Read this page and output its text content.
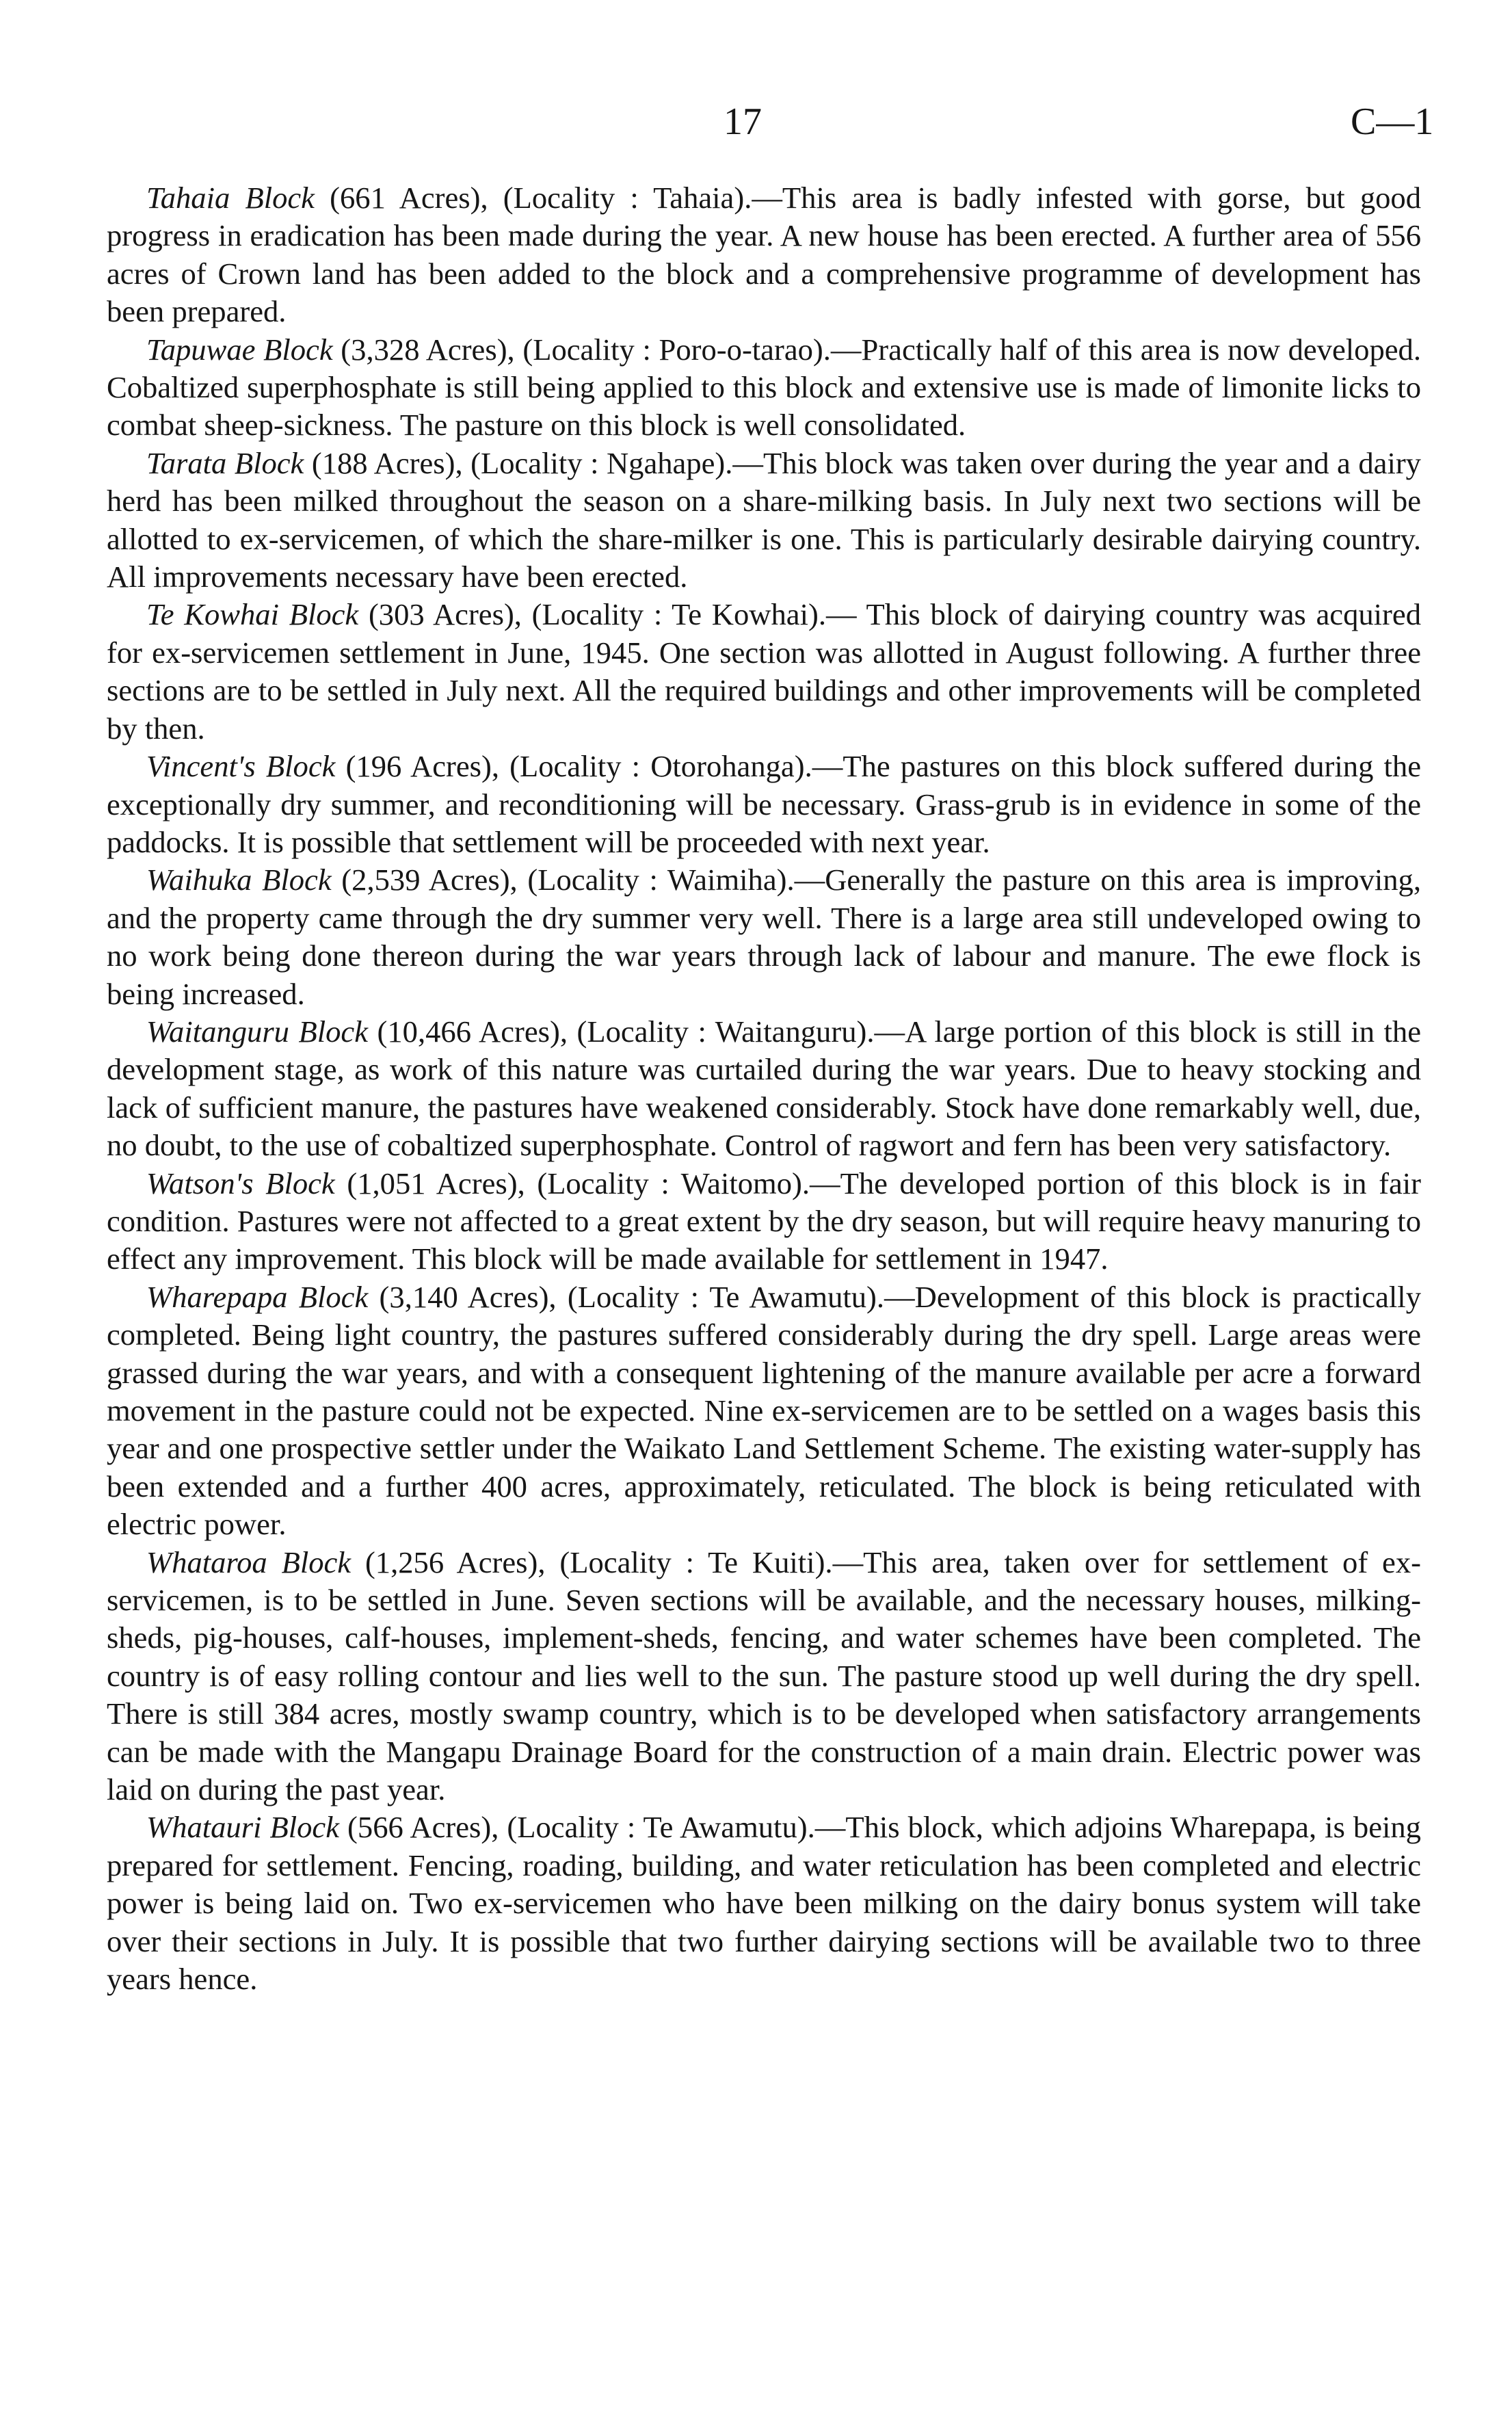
17	C—1

Tahaia Block (661 Acres), (Locality : Tahaia).—This area is badly infested with gorse, but good progress in eradication has been made during the year. A new house has been erected. A further area of 556 acres of Crown land has been added to the block and a comprehensive programme of development has been prepared.

Tapuwae Block (3,328 Acres), (Locality : Poro-o-tarao).—Practically half of this area is now developed. Cobaltized superphosphate is still being applied to this block and extensive use is made of limonite licks to combat sheep-sickness. The pasture on this block is well consolidated.

Tarata Block (188 Acres), (Locality : Ngahape).—This block was taken over during the year and a dairy herd has been milked throughout the season on a share-milking basis. In July next two sections will be allotted to ex-servicemen, of which the share-milker is one. This is particularly desirable dairying country. All improvements necessary have been erected.

Te Kowhai Block (303 Acres), (Locality : Te Kowhai).— This block of dairying country was acquired for ex-servicemen settlement in June, 1945. One section was allotted in August following. A further three sections are to be settled in July next. All the required buildings and other improvements will be completed by then.

Vincent's Block (196 Acres), (Locality : Otorohanga).—The pastures on this block suffered during the exceptionally dry summer, and reconditioning will be necessary. Grass-grub is in evidence in some of the paddocks. It is possible that settlement will be proceeded with next year.

Waihuka Block (2,539 Acres), (Locality : Waimiha).—Generally the pasture on this area is improving, and the property came through the dry summer very well. There is a large area still undeveloped owing to no work being done thereon during the war years through lack of labour and manure. The ewe flock is being increased.

Waitanguru Block (10,466 Acres), (Locality : Waitanguru).—A large portion of this block is still in the development stage, as work of this nature was curtailed during the war years. Due to heavy stocking and lack of sufficient manure, the pastures have weakened considerably. Stock have done remarkably well, due, no doubt, to the use of cobaltized superphosphate. Control of ragwort and fern has been very satisfactory.

Watson's Block (1,051 Acres), (Locality : Waitomo).—The developed portion of this block is in fair condition. Pastures were not affected to a great extent by the dry season, but will require heavy manuring to effect any improvement. This block will be made available for settlement in 1947.

Wharepapa Block (3,140 Acres), (Locality : Te Awamutu).—Development of this block is practically completed. Being light country, the pastures suffered considerably during the dry spell. Large areas were grassed during the war years, and with a consequent lightening of the manure available per acre a forward movement in the pasture could not be expected. Nine ex-servicemen are to be settled on a wages basis this year and one prospective settler under the Waikato Land Settlement Scheme. The existing water-supply has been extended and a further 400 acres, approximately, reticulated. The block is being reticulated with electric power.

Whataroa Block (1,256 Acres), (Locality : Te Kuiti).—This area, taken over for settlement of ex-servicemen, is to be settled in June. Seven sections will be available, and the necessary houses, milking-sheds, pig-houses, calf-houses, implement-sheds, fencing, and water schemes have been completed. The country is of easy rolling contour and lies well to the sun. The pasture stood up well during the dry spell. There is still 384 acres, mostly swamp country, which is to be developed when satisfactory arrangements can be made with the Mangapu Drainage Board for the construction of a main drain. Electric power was laid on during the past year.

Whatauri Block (566 Acres), (Locality : Te Awamutu).—This block, which adjoins Wharepapa, is being prepared for settlement. Fencing, roading, building, and water reticulation has been completed and electric power is being laid on. Two ex-servicemen who have been milking on the dairy bonus system will take over their sections in July. It is possible that two further dairying sections will be available two to three years hence.
